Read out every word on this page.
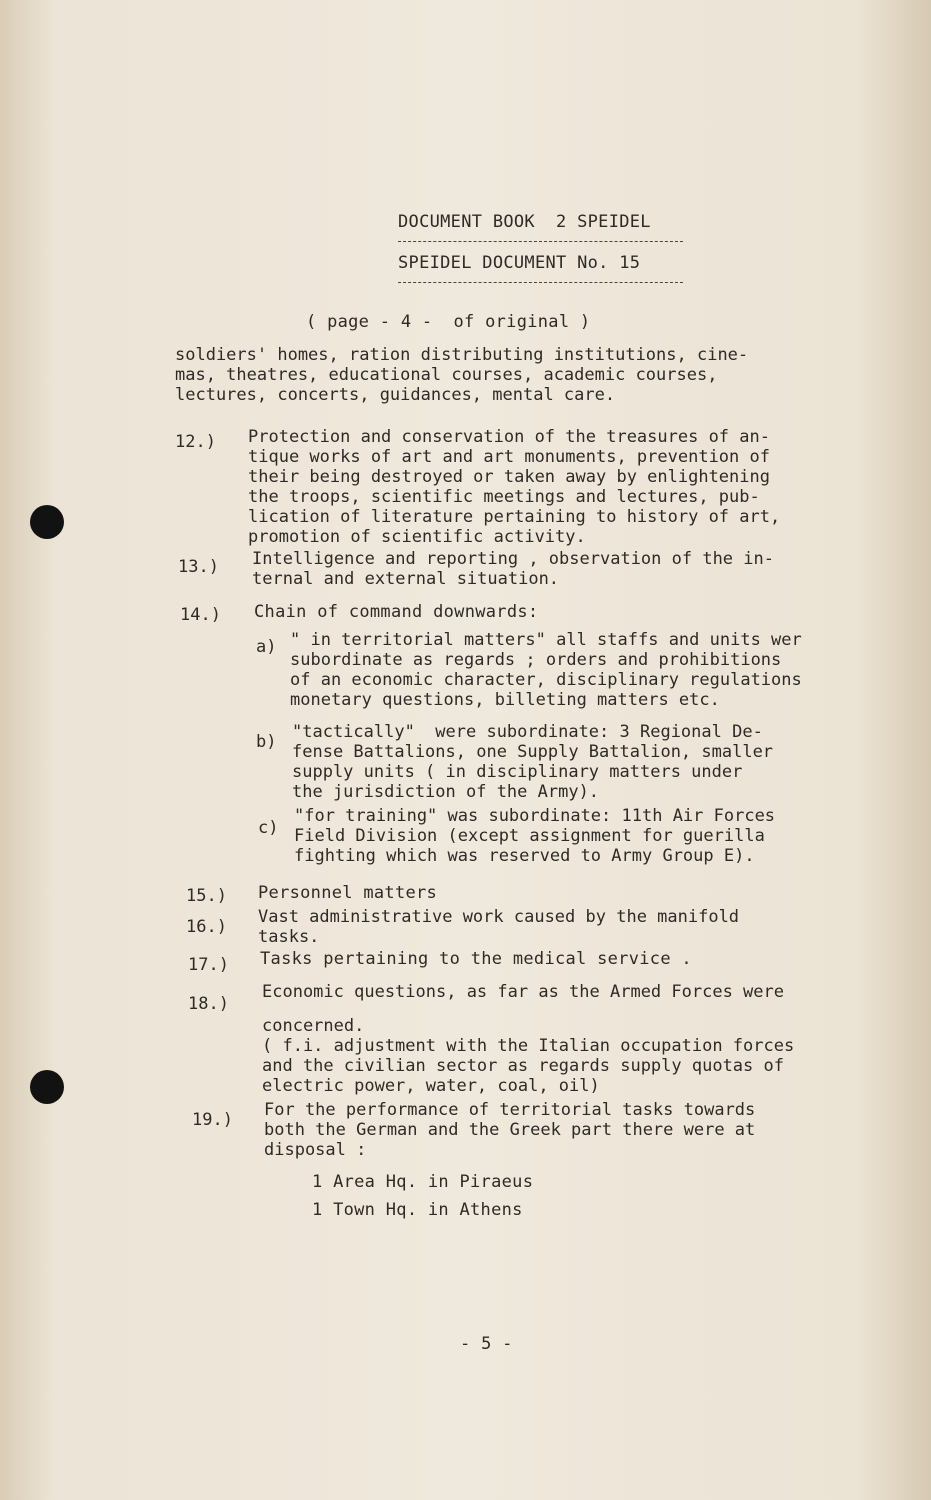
DOCUMENT BOOK  2 SPEIDEL
SPEIDEL DOCUMENT No. 15
( page - 4 -  of original )
soldiers' homes, ration distributing institutions, cine-
mas, theatres, educational courses, academic courses,
lectures, concerts, guidances, mental care.
12.) Protection and conservation of the treasures of an-
tique works of art and art monuments, prevention of
their being destroyed or taken away by enlightening
the troops, scientific meetings and lectures, pub-
lication of literature pertaining to history of art,
promotion of scientific activity.
13.) Intelligence and reporting , observation of the in-
ternal and external situation.
14.) Chain of command downwards:
a) " in territorial matters" all staffs and units wer
subordinate as regards ; orders and prohibitions
of an economic character, disciplinary regulations
monetary questions, billeting matters etc.
b) "tactically"  were subordinate: 3 Regional De-
fense Battalions, one Supply Battalion, smaller
supply units ( in disciplinary matters under
the jurisdiction of the Army).
c)
"for training" was subordinate: 11th Air Forces
Field Division (except assignment for guerilla
fighting which was reserved to Army Group E).
15.) Personnel matters
16.) Vast administrative work caused by the manifold
tasks.
17.) Tasks pertaining to the medical service .
18.)
Economic questions, as far as the Armed Forces were
concerned.
( f.i. adjustment with the Italian occupation forces
and the civilian sector as regards supply quotas of
electric power, water, coal, oil)
19.) For the performance of territorial tasks towards
both the German and the Greek part there were at
disposal :
1 Area Hq. in Piraeus
1 Town Hq. in Athens
- 5 -
